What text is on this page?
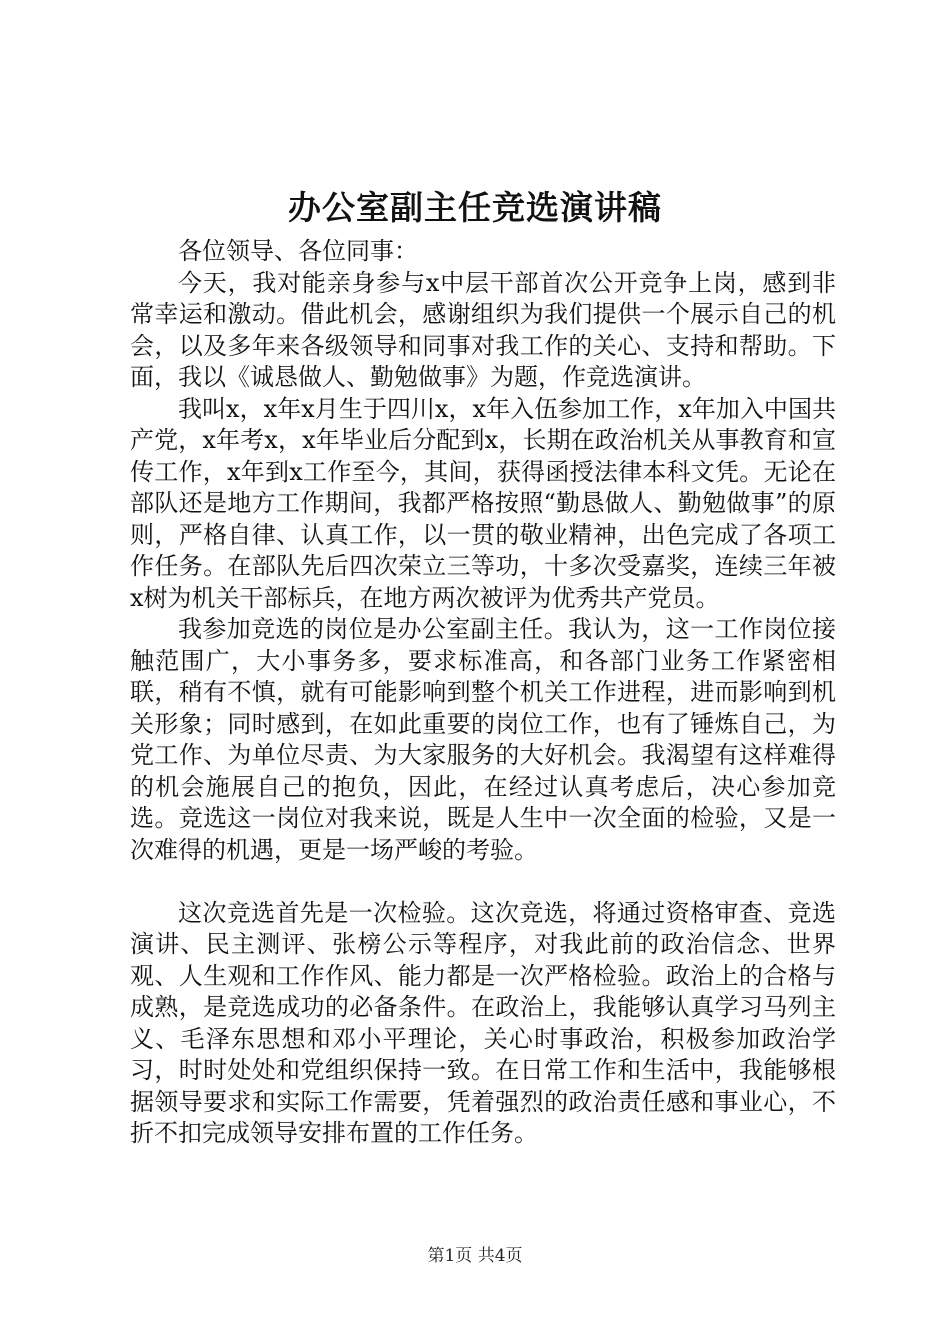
办公室副主任竞选演讲稿

各位领导、各位同事：

今天，我对能亲身参与x中层干部首次公开竞争上岗，感到非常幸运和激动。借此机会，感谢组织为我们提供一个展示自己的机会，以及多年来各级领导和同事对我工作的关心、支持和帮助。下面，我以《诚恳做人、勤勉做事》为题，作竞选演讲。

我叫x，x年x月生于四川x，x年入伍参加工作，x年加入中国共产党，x年考x，x年毕业后分配到x，长期在政治机关从事教育和宣传工作，x年到x工作至今，其间，获得函授法律本科文凭。无论在部队还是地方工作期间，我都严格按照“勤恳做人、勤勉做事”的原则，严格自律、认真工作，以一贯的敬业精神，出色完成了各项工作任务。在部队先后四次荣立三等功，十多次受嘉奖，连续三年被x树为机关干部标兵，在地方两次被评为优秀共产党员。

我参加竞选的岗位是办公室副主任。我认为，这一工作岗位接触范围广，大小事务多，要求标准高，和各部门业务工作紧密相联，稍有不慎，就有可能影响到整个机关工作进程，进而影响到机关形象；同时感到，在如此重要的岗位工作，也有了锤炼自己，为党工作、为单位尽责、为大家服务的大好机会。我渴望有这样难得的机会施展自己的抱负，因此，在经过认真考虑后，决心参加竞选。竞选这一岗位对我来说，既是人生中一次全面的检验，又是一次难得的机遇，更是一场严峻的考验。

这次竞选首先是一次检验。这次竞选，将通过资格审查、竞选演讲、民主测评、张榜公示等程序，对我此前的政治信念、世界观、人生观和工作作风、能力都是一次严格检验。政治上的合格与成熟，是竞选成功的必备条件。在政治上，我能够认真学习马列主义、毛泽东思想和邓小平理论，关心时事政治，积极参加政治学习，时时处处和党组织保持一致。在日常工作和生活中，我能够根据领导要求和实际工作需要，凭着强烈的政治责任感和事业心，不折不扣完成领导安排布置的工作任务。

第1页 共4页
